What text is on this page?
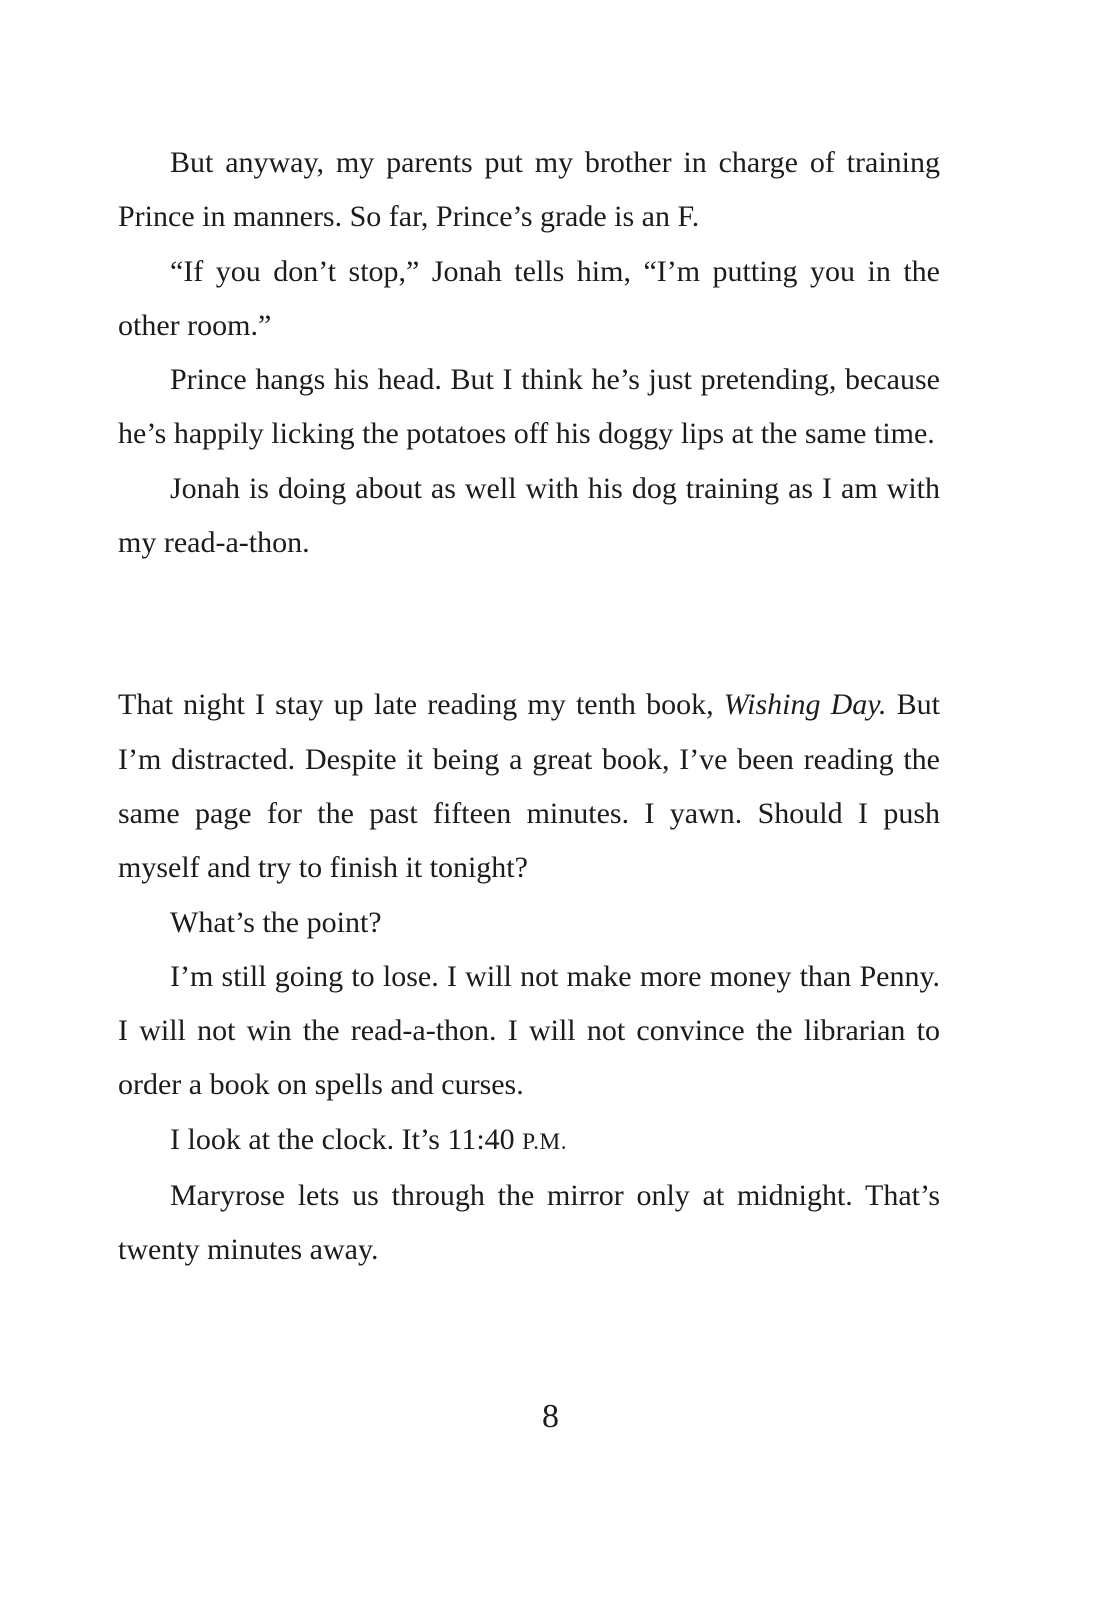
But anyway, my parents put my brother in charge of training Prince in manners. So far, Prince’s grade is an F.

“If you don’t stop,” Jonah tells him, “I’m putting you in the other room.”

Prince hangs his head. But I think he’s just pretending, because he’s happily licking the potatoes off his doggy lips at the same time.

Jonah is doing about as well with his dog training as I am with my read-a-thon.

That night I stay up late reading my tenth book, Wishing Day. But I’m distracted. Despite it being a great book, I’ve been reading the same page for the past fifteen minutes. I yawn. Should I push myself and try to finish it tonight?

What’s the point?

I’m still going to lose. I will not make more money than Penny. I will not win the read-a-thon. I will not convince the librarian to order a book on spells and curses.

I look at the clock. It’s 11:40 P.M.

Maryrose lets us through the mirror only at midnight. That’s twenty minutes away.

8
